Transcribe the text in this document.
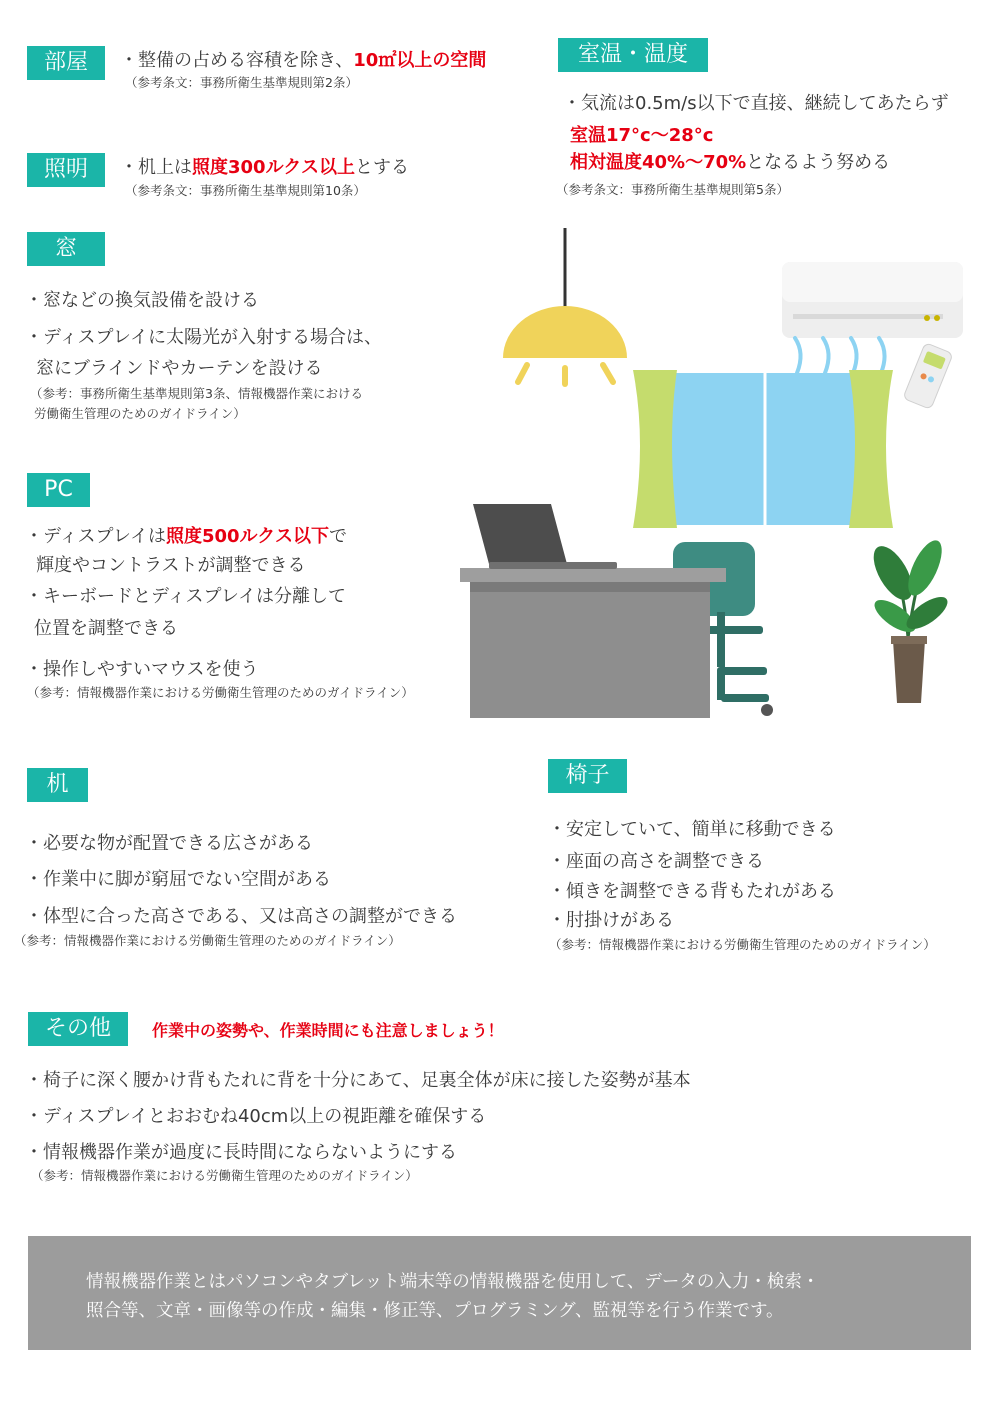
部屋	・整備の占める容積を除き、10㎡以上の空間
（参考条文：事務所衛生基準規則第2条）
室温・温度
・気流は0.5m/s以下で直接、継続してあたらず
室温17°c〜28°c
相対温度40%〜70%となるよう努める
（参考条文：事務所衛生基準規則第5条）
照明	・机上は照度300ルクス以上とする
（参考条文：事務所衛生基準規則第10条）
窓
・窓などの換気設備を設ける
・ディスプレイに太陽光が入射する場合は、
窓にブラインドやカーテンを設ける
（参考：事務所衛生基準規則第3条、情報機器作業における
労働衛生管理のためのガイドライン）
PC
・ディスプレイは照度500ルクス以下で
輝度やコントラストが調整できる
・キーボードとディスプレイは分離して
位置を調整できる
・操作しやすいマウスを使う
（参考：情報機器作業における労働衛生管理のためのガイドライン）
机
・必要な物が配置できる広さがある
・作業中に脚が窮屈でない空間がある
・体型に合った高さである、又は高さの調整ができる
（参考：情報機器作業における労働衛生管理のためのガイドライン）
椅子
・安定していて、簡単に移動できる
・座面の高さを調整できる
・傾きを調整できる背もたれがある
・肘掛けがある
（参考：情報機器作業における労働衛生管理のためのガイドライン）
その他	作業中の姿勢や、作業時間にも注意しましょう！
・椅子に深く腰かけ背もたれに背を十分にあて、足裏全体が床に接した姿勢が基本
・ディスプレイとおおむね40cm以上の視距離を確保する
・情報機器作業が過度に長時間にならないようにする
（参考：情報機器作業における労働衛生管理のためのガイドライン）
情報機器作業とはパソコンやタブレット端末等の情報機器を使用して、データの入力・検索・
照合等、文章・画像等の作成・編集・修正等、プログラミング、監視等を行う作業です。
